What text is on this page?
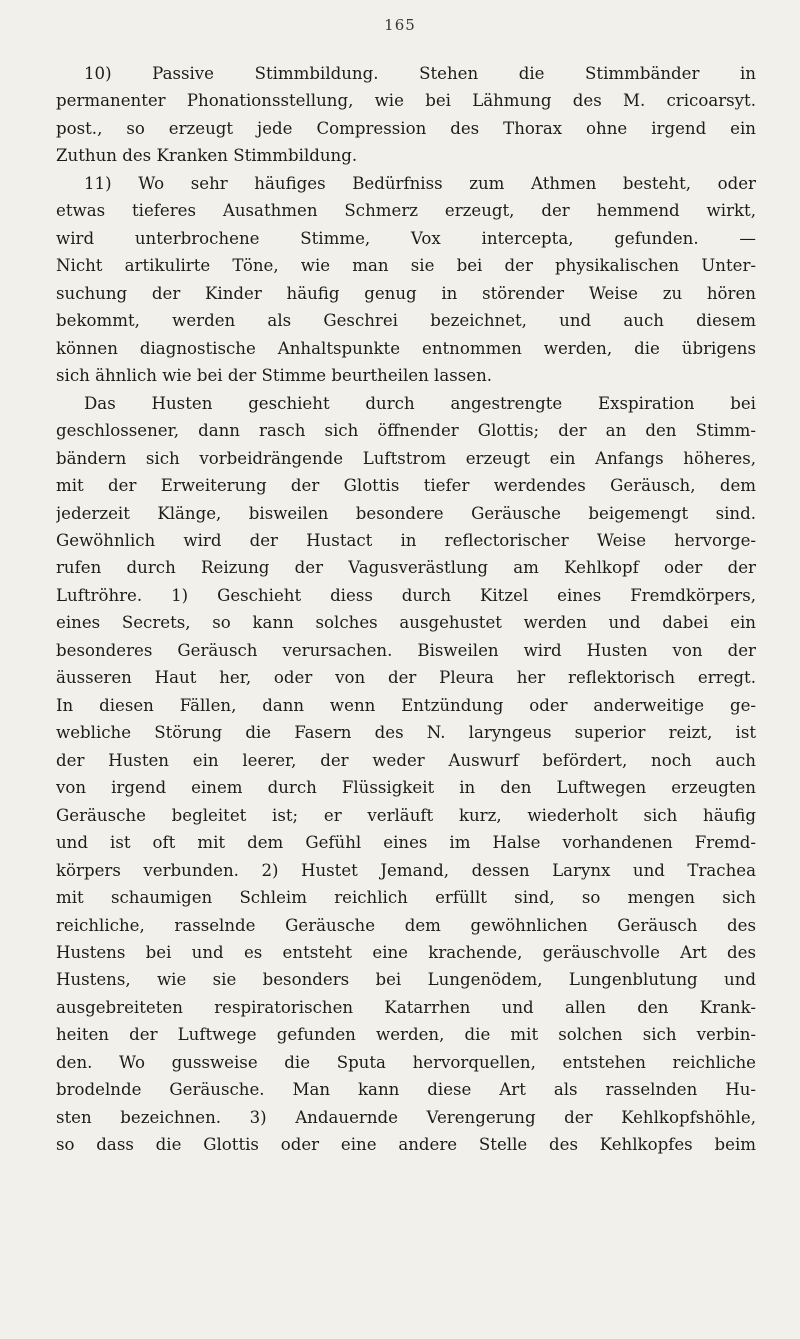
165
10) Passive Stimmbildung. Stehen die Stimmbänder in
permanenter Phonationsstellung, wie bei Lähmung des M. cricoarsyt.
post., so erzeugt jede Compression des Thorax ohne irgend ein
Zuthun des Kranken Stimmbildung.
11) Wo sehr häufiges Bedürfniss zum Athmen besteht, oder
etwas tieferes Ausathmen Schmerz erzeugt, der hemmend wirkt,
wird unterbrochene Stimme, Vox intercepta, gefunden. —
Nicht artikulirte Töne, wie man sie bei der physikalischen Unter-
suchung der Kinder häufig genug in störender Weise zu hören
bekommt, werden als Geschrei bezeichnet, und auch diesem
können diagnostische Anhaltspunkte entnommen werden, die übrigens
sich ähnlich wie bei der Stimme beurtheilen lassen.
Das Husten geschieht durch angestrengte Exspiration bei
geschlossener, dann rasch sich öffnender Glottis; der an den Stimm-
bändern sich vorbeidrängende Luftstrom erzeugt ein Anfangs höheres,
mit der Erweiterung der Glottis tiefer werdendes Geräusch, dem
jederzeit Klänge, bisweilen besondere Geräusche beigemengt sind.
Gewöhnlich wird der Hustact in reflectorischer Weise hervorge-
rufen durch Reizung der Vagusverästlung am Kehlkopf oder der
Luftröhre. 1) Geschieht diess durch Kitzel eines Fremdkörpers,
eines Secrets, so kann solches ausgehustet werden und dabei ein
besonderes Geräusch verursachen. Bisweilen wird Husten von der
äusseren Haut her, oder von der Pleura her reflektorisch erregt.
In diesen Fällen, dann wenn Entzündung oder anderweitige ge-
webliche Störung die Fasern des N. laryngeus superior reizt, ist
der Husten ein leerer, der weder Auswurf befördert, noch auch
von irgend einem durch Flüssigkeit in den Luftwegen erzeugten
Geräusche begleitet ist; er verläuft kurz, wiederholt sich häufig
und ist oft mit dem Gefühl eines im Halse vorhandenen Fremd-
körpers verbunden. 2) Hustet Jemand, dessen Larynx und Trachea
mit schaumigen Schleim reichlich erfüllt sind, so mengen sich
reichliche, rasselnde Geräusche dem gewöhnlichen Geräusch des
Hustens bei und es entsteht eine krachende, geräuschvolle Art des
Hustens, wie sie besonders bei Lungenödem, Lungenblutung und
ausgebreiteten respiratorischen Katarrhen und allen den Krank-
heiten der Luftwege gefunden werden, die mit solchen sich verbin-
den. Wo gussweise die Sputa hervorquellen, entstehen reichliche
brodelnde Geräusche. Man kann diese Art als rasselnden Hu-
sten bezeichnen. 3) Andauernde Verengerung der Kehlkopfshöhle,
so dass die Glottis oder eine andere Stelle des Kehlkopfes beim
